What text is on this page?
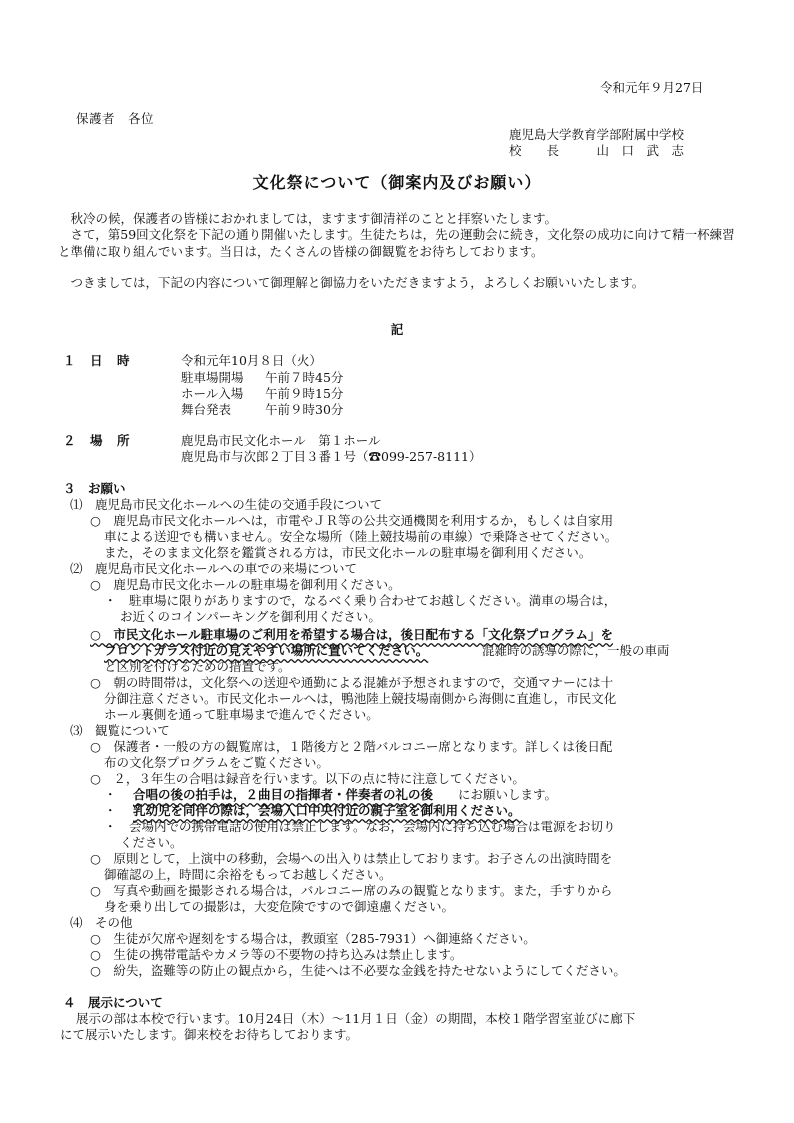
令和元年９月27日
保護者　各位
鹿児島大学教育学部附属中学校
校　　長　　　山　口　武　志
文化祭について（御案内及びお願い）
秋冷の候，保護者の皆様におかれましては，ますます御清祥のことと拝察いたします。
さて，第59回文化祭を下記の通り開催いたします。生徒たちは，先の運動会に続き，文化祭の成功に向けて精一杯練習と準備に取り組んでいます。当日は，たくさんの皆様の御観覧をお待ちしております。
つきましては，下記の内容について御理解と御協力をいただきますよう，よろしくお願いいたします。
記
１ 日　時	令和元年10月８日（火）
駐車場開場 午前７時45分
ホール入場 午前９時15分
舞台発表	午前９時30分
２ 場　所	鹿児島市民文化ホール　第１ホール
鹿児島市与次郎２丁目３番１号（☎099-257-8111）
３　お願い
⑴　鹿児島市民文化ホールへの生徒の交通手段について
○　鹿児島市民文化ホールへは，市電やＪＲ等の公共交通機関を利用するか，もしくは自家用
車による送迎でも構いません。安全な場所（陸上競技場前の車線）で乗降させてください。
また，そのまま文化祭を鑑賞される方は，市民文化ホールの駐車場を御利用ください。
⑵　鹿児島市民文化ホールへの車での来場について
○　鹿児島市民文化ホールの駐車場を御利用ください。
・　駐車場に限りがありますので，なるべく乗り合わせてお越しください。満車の場合は，
お近くのコインパーキングを御利用ください。
○　市民文化ホール駐車場のご利用を希望する場合は，後日配布する「文化祭プログラム」を
フロントガラス付近の見えやすい場所に置いてください。	混雑時の誘導の際に，一般の車両
と区別を付けるための措置です。
○　朝の時間帯は，文化祭への送迎や通勤による混雑が予想されますので，交通マナーには十
分御注意ください。市民文化ホールへは，鴨池陸上競技場南側から海側に直進し，市民文化
ホール裏側を通って駐車場まで進んでください。
⑶　観覧について
○　保護者・一般の方の観覧席は，１階後方と２階バルコニー席となります。詳しくは後日配
布の文化祭プログラムをご覧ください。
○　２，３年生の合唱は録音を行います。以下の点に特に注意してください。
・　 合唱の後の拍手は，２曲目の指揮者・伴奏者の礼の後 にお願いします。
・　 乳幼児を同伴の際は，会場入口中央付近の親子室を御利用ください。
・　会場内での携帯電話の使用は禁止します。なお，会場内に持ち込む場合は電源をお切り
ください。
○　原則として，上演中の移動，会場への出入りは禁止しております。お子さんの出演時間を
御確認の上，時間に余裕をもってお越しください。
○　写真や動画を撮影される場合は，バルコニー席のみの観覧となります。また，手すりから
身を乗り出しての撮影は，大変危険ですので御遠慮ください。
⑷　その他
○　生徒が欠席や遅刻をする場合は，教頭室（285-7931）へ御連絡ください。
○　生徒の携帯電話やカメラ等の不要物の持ち込みは禁止します。
○　紛失，盗難等の防止の観点から，生徒へは不必要な金銭を持たせないようにしてください。
４　展示について
展示の部は本校で行います。10月24日（木）〜11月１日（金）の期間，本校１階学習室並びに廊下
にて展示いたします。御来校をお待ちしております。
